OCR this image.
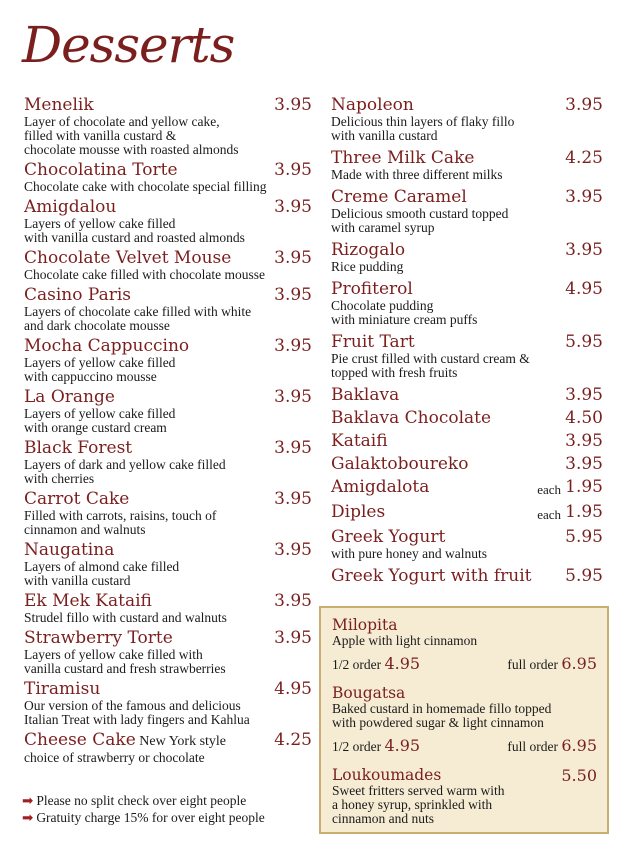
Desserts
Menelik	3.95
Layer of chocolate and yellow cake,
filled with vanilla custard &
chocolate mousse with roasted almonds
Chocolatina Torte	3.95
Chocolate cake with chocolate special filling
Amigdalou	3.95
Layers of yellow cake filled
with vanilla custard and roasted almonds
Chocolate Velvet Mouse	3.95
Chocolate cake filled with chocolate mousse
Casino Paris	3.95
Layers of chocolate cake filled with white
and dark chocolate mousse
Mocha Cappuccino	3.95
Layers of yellow cake filled
with cappuccino mousse
La Orange	3.95
Layers of yellow cake filled
with orange custard cream
Black Forest	3.95
Layers of dark and yellow cake filled
with cherries
Carrot Cake	3.95
Filled with carrots, raisins, touch of
cinnamon and walnuts
Naugatina	3.95
Layers of almond cake filled
with vanilla custard
Ek Mek Kataifi	3.95
Strudel fillo with custard and walnuts
Strawberry Torte	3.95
Layers of yellow cake filled with
vanilla custard and fresh strawberries
Tiramisu	4.95
Our version of the famous and delicious
Italian Treat with lady fingers and Kahlua
Cheese Cake New York style	4.25
choice of strawberry or chocolate
Napoleon	3.95
Delicious thin layers of flaky fillo
with vanilla custard
Three Milk Cake	4.25
Made with three different milks
Creme Caramel	3.95
Delicious smooth custard topped
with caramel syrup
Rizogalo	3.95
Rice pudding
Profiterol	4.95
Chocolate pudding
with miniature cream puffs
Fruit Tart	5.95
Pie crust filled with custard cream &
topped with fresh fruits
Baklava	3.95
Baklava Chocolate	4.50
Kataifi	3.95
Galaktoboureko	3.95
Amigdalota	1.95
each
Diples	1.95
each
Greek Yogurt	5.95
with pure honey and walnuts
Greek Yogurt with fruit	5.95
Milopita
Apple with light cinnamon
1/2 order 4.95	full order 6.95
Bougatsa
Baked custard in homemade fillo topped
with powdered sugar & light cinnamon
1/2 order 4.95	full order 6.95
Loukoumades	5.50
Sweet fritters served warm with
a honey syrup, sprinkled with
cinnamon and nuts
➡ Please no split check over eight people
➡ Gratuity charge 15% for over eight people
